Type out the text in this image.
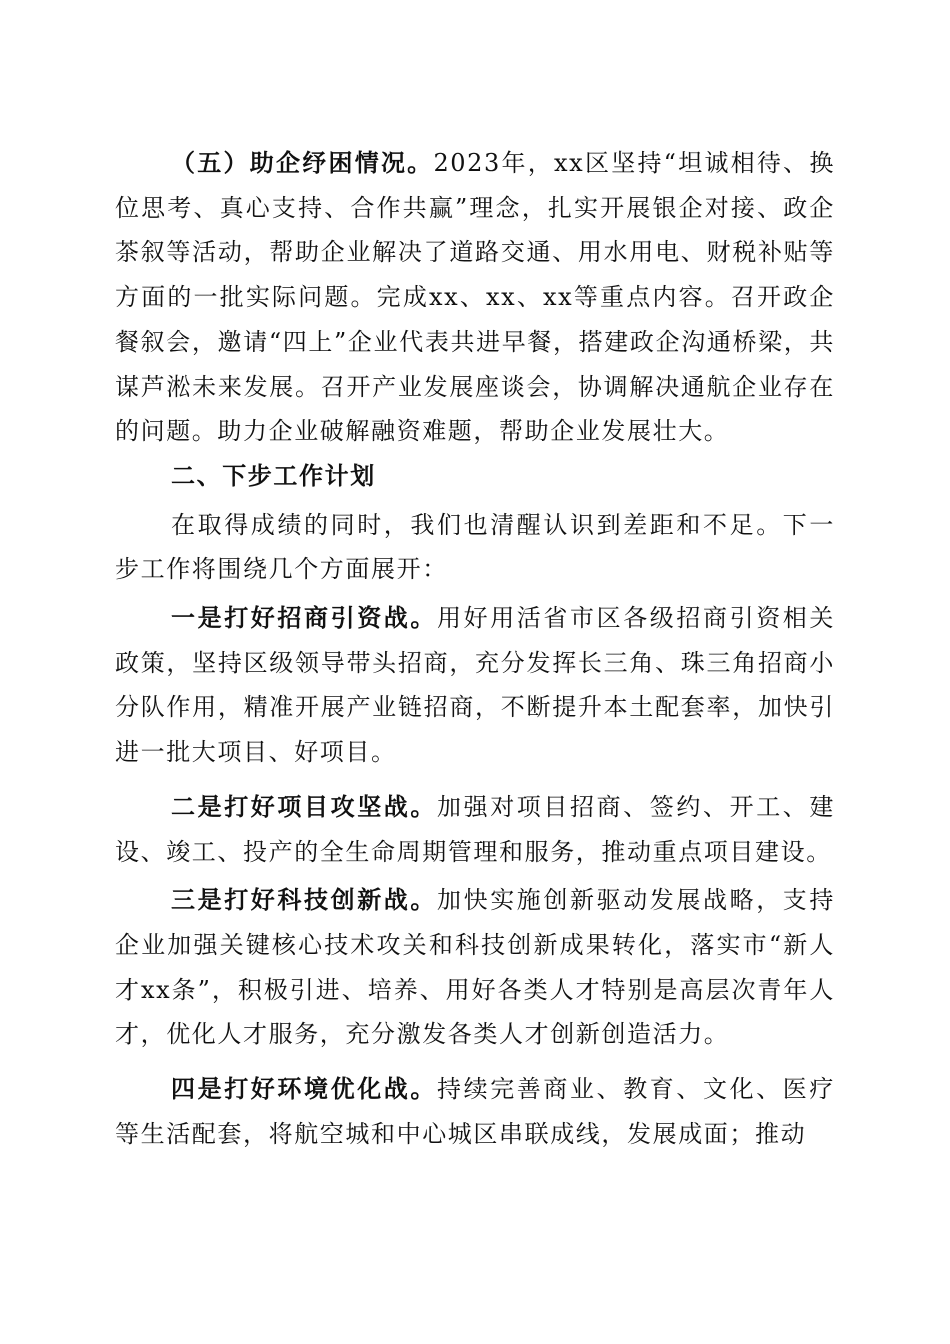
（五）助企纾困情况。2023年，xx区坚持“坦诚相待、换位思考、真心支持、合作共赢”理念，扎实开展银企对接、政企茶叙等活动，帮助企业解决了道路交通、用水用电、财税补贴等方面的一批实际问题。完成xx、xx、xx等重点内容。召开政企餐叙会，邀请“四上”企业代表共进早餐，搭建政企沟通桥梁，共谋芦淞未来发展。召开产业发展座谈会，协调解决通航企业存在的问题。助力企业破解融资难题，帮助企业发展壮大。

二、下步工作计划

在取得成绩的同时，我们也清醒认识到差距和不足。下一步工作将围绕几个方面展开：

一是打好招商引资战。用好用活省市区各级招商引资相关政策，坚持区级领导带头招商，充分发挥长三角、珠三角招商小分队作用，精准开展产业链招商，不断提升本土配套率，加快引进一批大项目、好项目。

二是打好项目攻坚战。加强对项目招商、签约、开工、建设、竣工、投产的全生命周期管理和服务，推动重点项目建设。

三是打好科技创新战。加快实施创新驱动发展战略，支持企业加强关键核心技术攻关和科技创新成果转化，落实市“新人才xx条”，积极引进、培养、用好各类人才特别是高层次青年人才，优化人才服务，充分激发各类人才创新创造活力。

四是打好环境优化战。持续完善商业、教育、文化、医疗等生活配套，将航空城和中心城区串联成线，发展成面；推动
